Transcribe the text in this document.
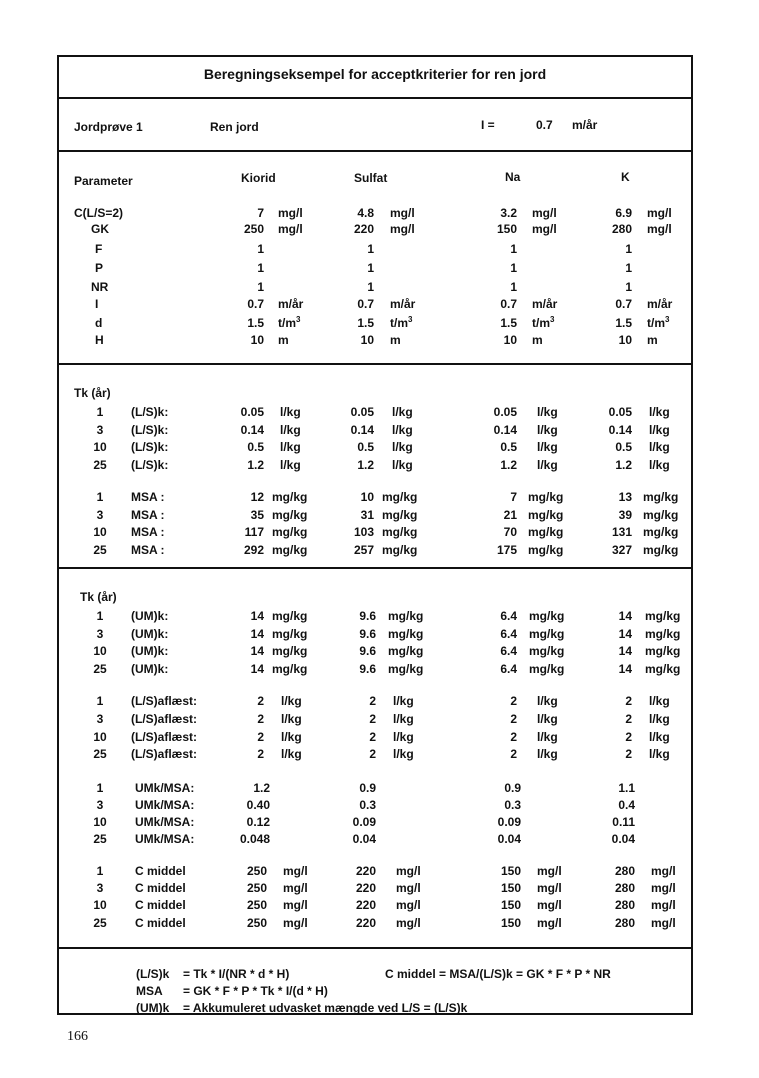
Beregningseksempel for acceptkriterier for ren jord
Jordprøve 1	Ren jord	I =	0.7 m/år
Parameter	Kiorid	Sulfat	Na	K
C(L/S=2)	7 mg/l	4.8 mg/l	3.2 mg/l	6.9 mg/l
GK	250 mg/l	220 mg/l	150 mg/l	280 mg/l
F	1	1	1	1
P	1	1	1	1
NR	1	1	1	1
I	0.7 m/år	0.7 m/år	0.7 m/år	0.7 m/år
d	1.5 $t/m^3$	1.5 $t/m^3$	1.5 $t/m^3$	1.5 $t/m^3$
H	10 m	10 m	10 m	10 m
1	(L/S)k:	0.05 l/kg	0.05 l/kg	0.05 l/kg	0.05 l/kg
3	(L/S)k:	0.14 l/kg	0.14 l/kg	0.14 l/kg	0.14 l/kg
10	(L/S)k:	0.5 l/kg	0.5 l/kg	0.5 l/kg	0.5 l/kg
25	(L/S)k:	1.2 l/kg	1.2 l/kg	1.2 l/kg	1.2 l/kg
1	MSA :	12 mg/kg	10 mg/kg	7 mg/kg	13 mg/kg
3	MSA :	35 mg/kg	31 mg/kg	21 mg/kg	39 mg/kg
10	MSA :	117 mg/kg	103 mg/kg	70 mg/kg	131 mg/kg
25	MSA :	292 mg/kg	257 mg/kg	175 mg/kg	327 mg/kg
1	(UM)k:	14 mg/kg	9.6 mg/kg	6.4 mg/kg	14 mg/kg
3	(UM)k:	14 mg/kg	9.6 mg/kg	6.4 mg/kg	14 mg/kg
10	(UM)k:	14 mg/kg	9.6 mg/kg	6.4 mg/kg	14 mg/kg
25	(UM)k:	14 mg/kg	9.6 mg/kg	6.4 mg/kg	14 mg/kg
1	(L/S)aflæst:	2 l/kg	2 l/kg	2 l/kg	2 l/kg
3	(L/S)aflæst:	2 l/kg	2 l/kg	2 l/kg	2 l/kg
10	(L/S)aflæst:	2 l/kg	2 l/kg	2 l/kg	2 l/kg
25	(L/S)aflæst:	2 l/kg	2 l/kg	2 l/kg	2 l/kg
1	UMk/MSA:	1.2	0.9	0.9	1.1
3	UMk/MSA:	0.40	0.3	0.3	0.4
10	UMk/MSA:	0.12	0.09	0.09	0.11
25	UMk/MSA:	0.048	0.04	0.04	0.04
1	C middel	250 mg/l	220 mg/l	150 mg/l	280 mg/l
3	C middel	250 mg/l	220 mg/l	150 mg/l	280 mg/l
10	C middel	250 mg/l	220 mg/l	150 mg/l	280 mg/l
25	C middel	250 mg/l	220 mg/l	150 mg/l	280 mg/l
Tk (år)
Tk (år)
(L/S)k = Tk * I/(NR * d * H)	C middel = MSA/(L/S)k = GK * F * P * NR
MSA = GK * F * P * Tk * I/(d * H)
(UM)k = Akkumuleret udvasket mængde ved L/S = (L/S)k
166
